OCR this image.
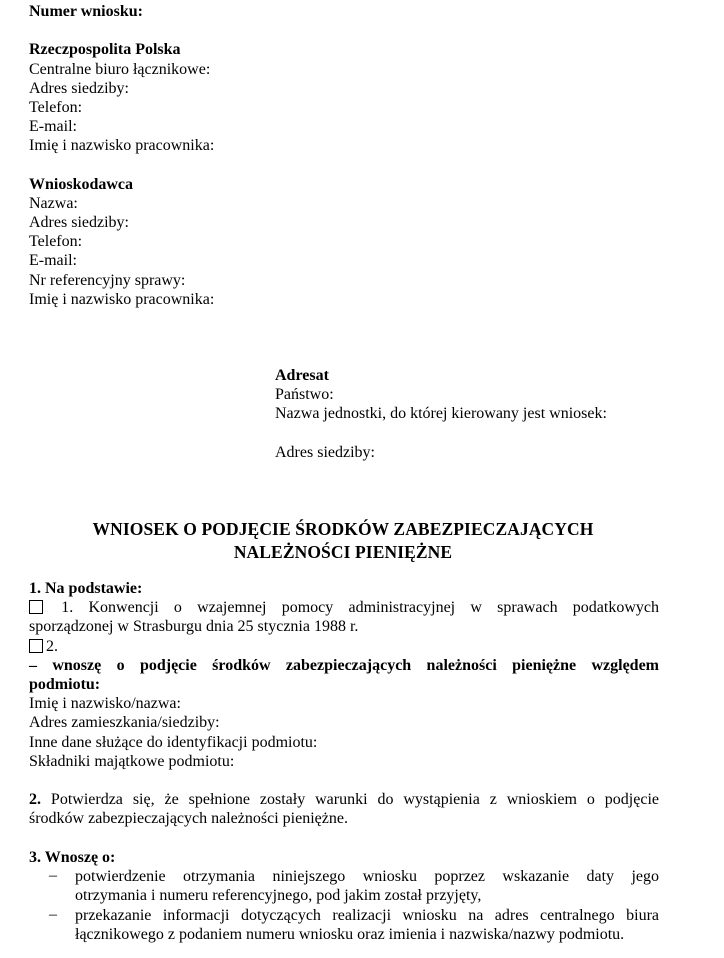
Numer wniosku:
Rzeczpospolita Polska
Centralne biuro łącznikowe:
Adres siedziby:
Telefon:
E-mail:
Imię i nazwisko pracownika:
Wnioskodawca
Nazwa:
Adres siedziby:
Telefon:
E-mail:
Nr referencyjny sprawy:
Imię i nazwisko pracownika:
Adresat
Państwo:
Nazwa jednostki, do której kierowany jest wniosek:
Adres siedziby:
WNIOSEK O PODJĘCIE ŚRODKÓW ZABEZPIECZAJĄCYCH
NALEŻNOŚCI PIENIĘŻNE
1. Na podstawie:
1. Konwencji o wzajemnej pomocy administracyjnej w sprawach podatkowych
sporządzonej w Strasburgu dnia 25 stycznia 1988 r.
2.
– wnoszę o podjęcie środków zabezpieczających należności pieniężne względem
podmiotu:
Imię i nazwisko/nazwa:
Adres zamieszkania/siedziby:
Inne dane służące do identyfikacji podmiotu:
Składniki majątkowe podmiotu:
2. Potwierdza się, że spełnione zostały warunki do wystąpienia z wnioskiem o podjęcie
środków zabezpieczających należności pieniężne.
3. Wnoszę o:
– potwierdzenie otrzymania niniejszego wniosku poprzez wskazanie daty jego
otrzymania i numeru referencyjnego, pod jakim został przyjęty,
– przekazanie informacji dotyczących realizacji wniosku na adres centralnego biura
łącznikowego z podaniem numeru wniosku oraz imienia i nazwiska/nazwy podmiotu.
